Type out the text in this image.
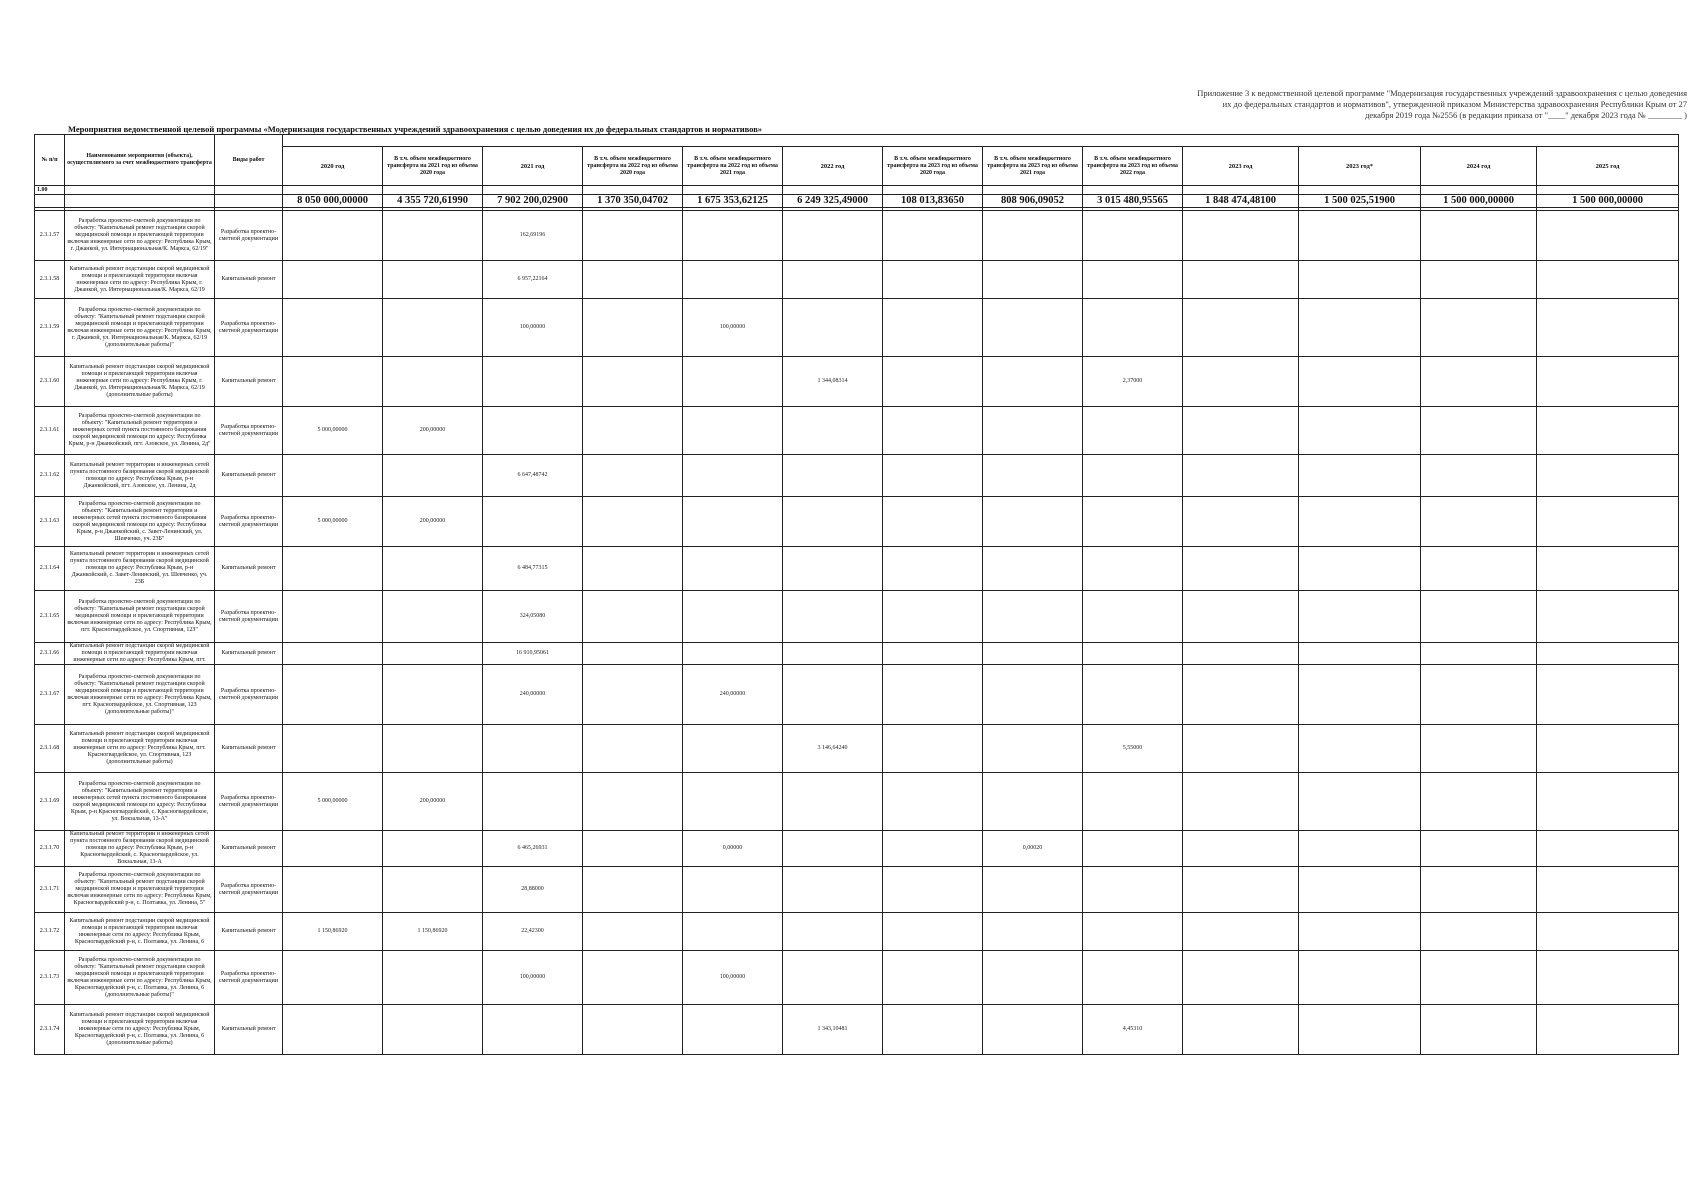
Приложение 3 к ведомственной целевой программе "Модернизация государственных учреждений здравоохранения с целью доведения
их до федеральных стандартов и нормативов", утвержденной приказом Министерства здравоохранения Республики Крым от 27
декабря 2019 года №2556 (в редакции приказа от "____" декабря 2023 года № ________ )
Мероприятия ведомственной целевой программы «Модернизация государственных учреждений здравоохранения с целью доведения их до федеральных стандартов и нормативов»
№ п/п	Наименование мероприятия (объекта), осуществляемого за счет межбюджетного трансферта	Виды работ													
			2020 год	В т.ч. объем межбюджетного трансферта на 2021 год из объема 2020 года	2021 год	В т.ч. объем межбюджетного трансферта на 2022 год из объема 2020 года	В т.ч. объем межбюджетного трансферта на 2022 год из объема 2021 года	2022 год	В т.ч. объем межбюджетного трансферта на 2023 год из объема 2020 года	В т.ч. объем межбюджетного трансферта на 2023 год из объема 2021 года	В т.ч. объем межбюджетного трансферта на 2023 год из объема 2022 года	2023 год	2023 год*	2024 год	2025 год
1.00															
			8 050 000,00000	4 355 720,61990	7 902 200,02900	1 370 350,04702	1 675 353,62125	6 249 325,49000	108 013,83650	808 906,09052	3 015 480,95565	1 848 474,48100	1 500 025,51900	1 500 000,00000	1 500 000,00000

2.3.1.57	Разработка проектно-сметной документации по объекту: "Капитальный ремонт подстанции скорой медицинской помощи и прилегающей территории включая инженерные сети по адресу: Республика Крым, г. Джанкой, ул. Интернациональная/К. Маркса, 62/19"	Разработка проектно-сметной документации			162,69196										
2.3.1.58	Капитальный ремонт подстанции скорой медицинской помощи и прилегающей территории включая инженерные сети по адресу: Республика Крым, г. Джанкой, ул. Интернациональная/К. Маркса, 62/19	Капитальный ремонт			6 957,22164										
2.3.1.59	Разработка проектно-сметной документации по объекту: "Капитальный ремонт подстанции скорой медицинской помощи и прилегающей территории включая инженерные сети по адресу: Республика Крым, г. Джанкой, ул. Интернациональная/К. Маркса, 62/19 (дополнительные работы)"	Разработка проектно-сметной документации			100,00000		100,00000								
2.3.1.60	Капитальный ремонт подстанции скорой медицинской помощи и прилегающей территории включая инженерные сети по адресу: Республика Крым, г. Джанкой, ул. Интернациональная/К. Маркса, 62/19 (дополнительные работы)	Капитальный ремонт						1 344,08314			2,37000				
2.3.1.61	Разработка проектно-сметной документации по объекту: "Капитальный ремонт территории и инженерных сетей пункта постоянного базирования скорой медицинской помощи по адресу: Республика Крым, р-н Джанкойский, пгт. Азовское, ул. Ленина, 2д"	Разработка проектно-сметной документации	5 000,00000	200,00000											
2.3.1.62	Капитальный ремонт территории и инженерных сетей пункта постоянного базирования скорой медицинской помощи по адресу: Республика Крым, р-н Джанкойский, пгт. Азовское, ул. Ленина, 2д	Капитальный ремонт			6 647,48742										
2.3.1.63	Разработка проектно-сметной документации по объекту: "Капитальный ремонт территории и инженерных сетей пункта постоянного базирования скорой медицинской помощи по адресу: Республика Крым, р-н Джанкойский, с. Завет-Ленинский, ул. Шевченко, уч. 23Б"	Разработка проектно-сметной документации	5 000,00000	200,00000											
2.3.1.64	Капитальный ремонт территории и инженерных сетей пункта постоянного базирования скорой медицинской помощи по адресу: Республика Крым, р-н Джанкойский, с. Завет-Ленинский, ул. Шевченко, уч. 23Б	Капитальный ремонт			6 484,77315										
2.3.1.65	Разработка проектно-сметной документации по объекту: "Капитальный ремонт подстанции скорой медицинской помощи и прилегающей территории включая инженерные сети по адресу: Республика Крым, пгт. Красногвардейское, ул. Спортивная, 12З"	Разработка проектно-сметной документации			324,05080										
2.3.1.66	Капитальный ремонт подстанции скорой медицинской помощи и прилегающей территории включая инженерные сети по адресу: Республика Крым, пгт.	Капитальный ремонт			16 910,95061										
2.3.1.67	Разработка проектно-сметной документации по объекту: "Капитальный ремонт подстанции скорой медицинской помощи и прилегающей территории включая инженерные сети по адресу: Республика Крым, пгт. Красногвардейское, ул. Спортивная, 12З (дополнительные работы)"	Разработка проектно-сметной документации			240,00000		240,00000								
2.3.1.68	Капитальный ремонт подстанции скорой медицинской помощи и прилегающей территории включая инженерные сети по адресу: Республика Крым, пгт. Красногвардейское, ул. Спортивная, 12З (дополнительные работы)	Капитальный ремонт						3 146,64240			5,55000				
2.3.1.69	Разработка проектно-сметной документации по объекту: "Капитальный ремонт территории и инженерных сетей пункта постоянного базирования скорой медицинской помощи по адресу: Республика Крым, р-н Красногвардейский, с. Красногвардейское, ул. Вокзальная, 13-А"	Разработка проектно-сметной документации	5 000,00000	200,00000											
2.3.1.70	Капитальный ремонт территории и инженерных сетей пункта постоянного базирования скорой медицинской помощи по адресу: Республика Крым, р-н Красногвардейский, с. Красногвардейское, ул. Вокзальная, 13-А	Капитальный ремонт			6 465,26931		0,00000			0,00020					
2.3.1.71	Разработка проектно-сметной документации по объекту: "Капитальный ремонт подстанции скорой медицинской помощи и прилегающей территории включая инженерные сети по адресу: Республика Крым, Красногвардейский р-н, с. Полтавка, ул. Ленина, 5"	Разработка проектно-сметной документации			28,88000										
2.3.1.72	Капитальный ремонт подстанции скорой медицинской помощи и прилегающей территории включая инженерные сети по адресу: Республика Крым, Красногвардейский р-н, с. Полтавка, ул. Ленина, 6	Капитальный ремонт	1 150,86920	1 150,86920	22,42300										
2.3.1.73	Разработка проектно-сметной документации по объекту: "Капитальный ремонт подстанции скорой медицинской помощи и прилегающей территории включая инженерные сети по адресу: Республика Крым, Красногвардейский р-н, с. Полтавка, ул. Ленина, 6 (дополнительные работы)"	Разработка проектно-сметной документации			100,00000		100,00000								
2.3.1.74	Капитальный ремонт подстанции скорой медицинской помощи и прилегающей территории включая инженерные сети по адресу: Республика Крым, Красногвардейский р-н, с. Полтавка, ул. Ленина, 6 (дополнительные работы)	Капитальный ремонт						1 343,10481			4,45310				
